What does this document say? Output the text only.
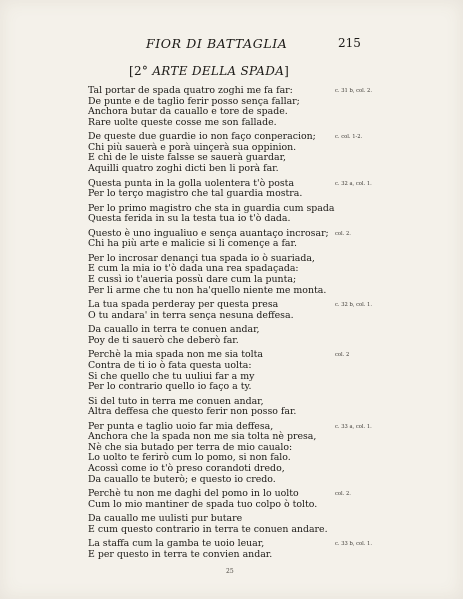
FIOR DI BATTAGLIA	215
[2° ARTE DELLA SPADA]
Tal portar de spada quatro zoghi me fa far:
De punte e de taglio ferir posso sença fallar;
Anchora butar da cauallo e tore de spade.
Rare uolte queste cosse me son fallade.
De queste due guardie io non façо conperacion;
Chi più sauerà e porà uinçerà sua oppinion.
E chi de le uiste falsse se sauerà guardar,
Aquilli quatro zoghi dicti ben li porà far.
Questa punta in la golla uolentera t'ò posta
Per lo terço magistro che tal guardia mostra.
Per lo primo magistro che sta in guardia cum spada
Questa ferida in su la testa tua io t'ò dada.
Questo è uno ingualiuo e sença auantaço incrosar;
Chi ha più arte e malicie si li començe a far.
Per lo incrosar denançi tua spada io ò suariada,
E cum la mia io t'ò dada una rea spadaçada:
E cussì io t'aueria possù dare cum la punta;
Per li arme che tu non ha'quello niente me monta.
La tua spada perderay per questa presa
O tu andara' in terra sença nesuna deffesa.
Da cauallo in terra te conuen andar,
Poy de ti sauerò che deberò far.
Perchè la mia spada non me sia tolta
Contra de ti io ò fata questa uolta:
Si che quello che tu uuliui far a my
Per lo contrario quello io façо a ty.
Si del tuto in terra me conuen andar,
Altra deffesa che questo ferir non posso far.
Per punta e taglio uoio far mia deffesa,
Anchora che la spada non me sia tolta nè presa,
Nè che sia butado per terra de mio caualo:
Lo uolto te ferirò cum lo pomo, si non falo.
Acossì come io t'ò preso corandoti dredo,
Da cauallo te buterò; e questo io credo.
Perchè tu non me daghi del pomo in lo uolto
Cum lo mio mantiner de spada tuo colpo ò tolto.
Da cauallo me uulisti pur butare
E cum questo contrario in terra te conuen andare.
La staffa cum la gamba te uoio leuar,
E per questo in terra te convien andar.
c. 31 b, col. 2.
c. col. 1-2.
c. 32 a, col. 1.
col. 2.
c. 32 b, col. 1.
col. 2
c. 33 a, col. 1.
col. 2.
c. 33 b, col. 1.
25
